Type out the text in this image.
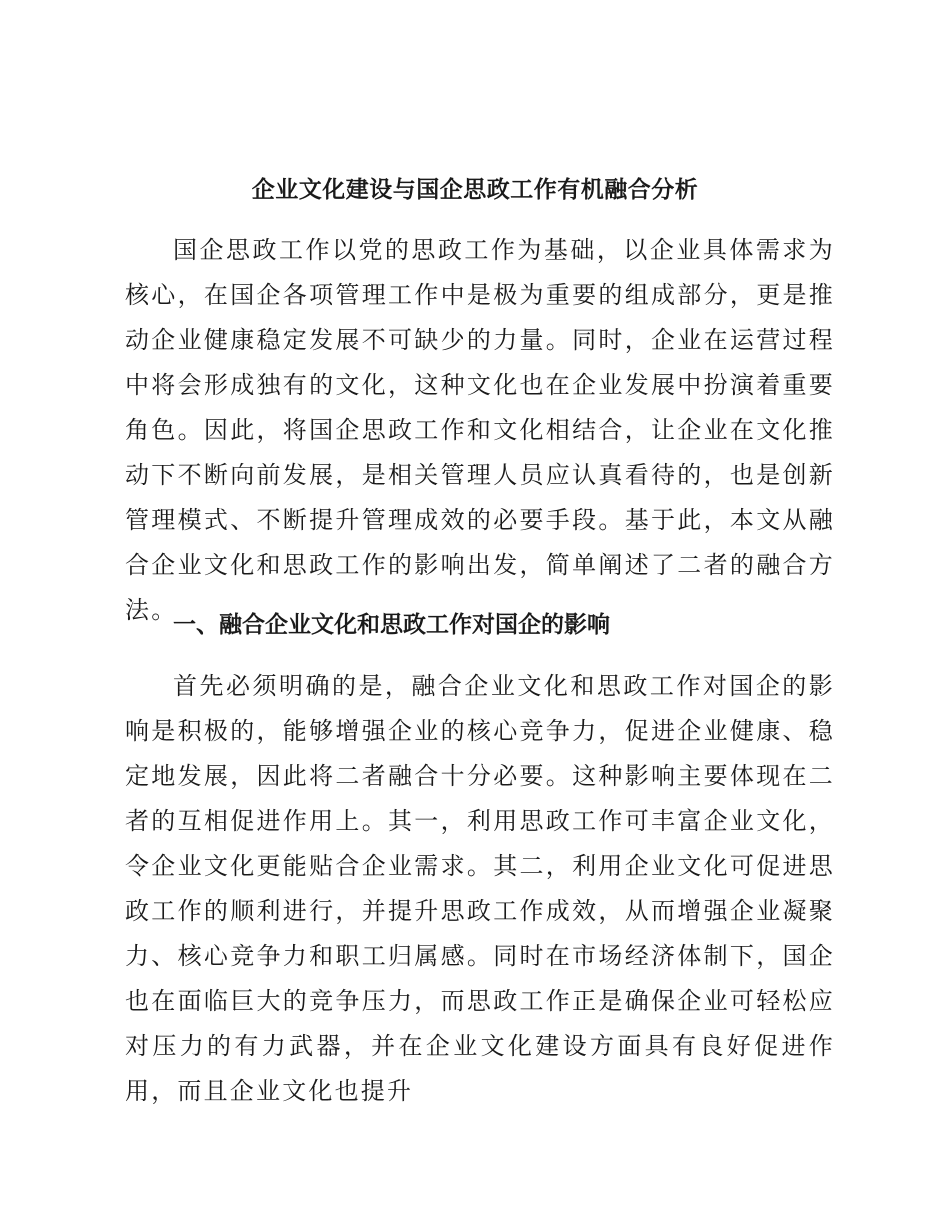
企业文化建设与国企思政工作有机融合分析

国企思政工作以党的思政工作为基础，以企业具体需求为核心，在国企各项管理工作中是极为重要的组成部分，更是推动企业健康稳定发展不可缺少的力量。同时，企业在运营过程中将会形成独有的文化，这种文化也在企业发展中扮演着重要角色。因此，将国企思政工作和文化相结合，让企业在文化推动下不断向前发展，是相关管理人员应认真看待的，也是创新管理模式、不断提升管理成效的必要手段。基于此，本文从融合企业文化和思政工作的影响出发，简单阐述了二者的融合方法。

一、融合企业文化和思政工作对国企的影响

首先必须明确的是，融合企业文化和思政工作对国企的影响是积极的，能够增强企业的核心竞争力，促进企业健康、稳定地发展，因此将二者融合十分必要。这种影响主要体现在二者的互相促进作用上。其一，利用思政工作可丰富企业文化，令企业文化更能贴合企业需求。其二，利用企业文化可促进思政工作的顺利进行，并提升思政工作成效，从而增强企业凝聚力、核心竞争力和职工归属感。同时在市场经济体制下，国企也在面临巨大的竞争压力，而思政工作正是确保企业可轻松应对压力的有力武器，并在企业文化建设方面具有良好促进作用，而且企业文化也提升
